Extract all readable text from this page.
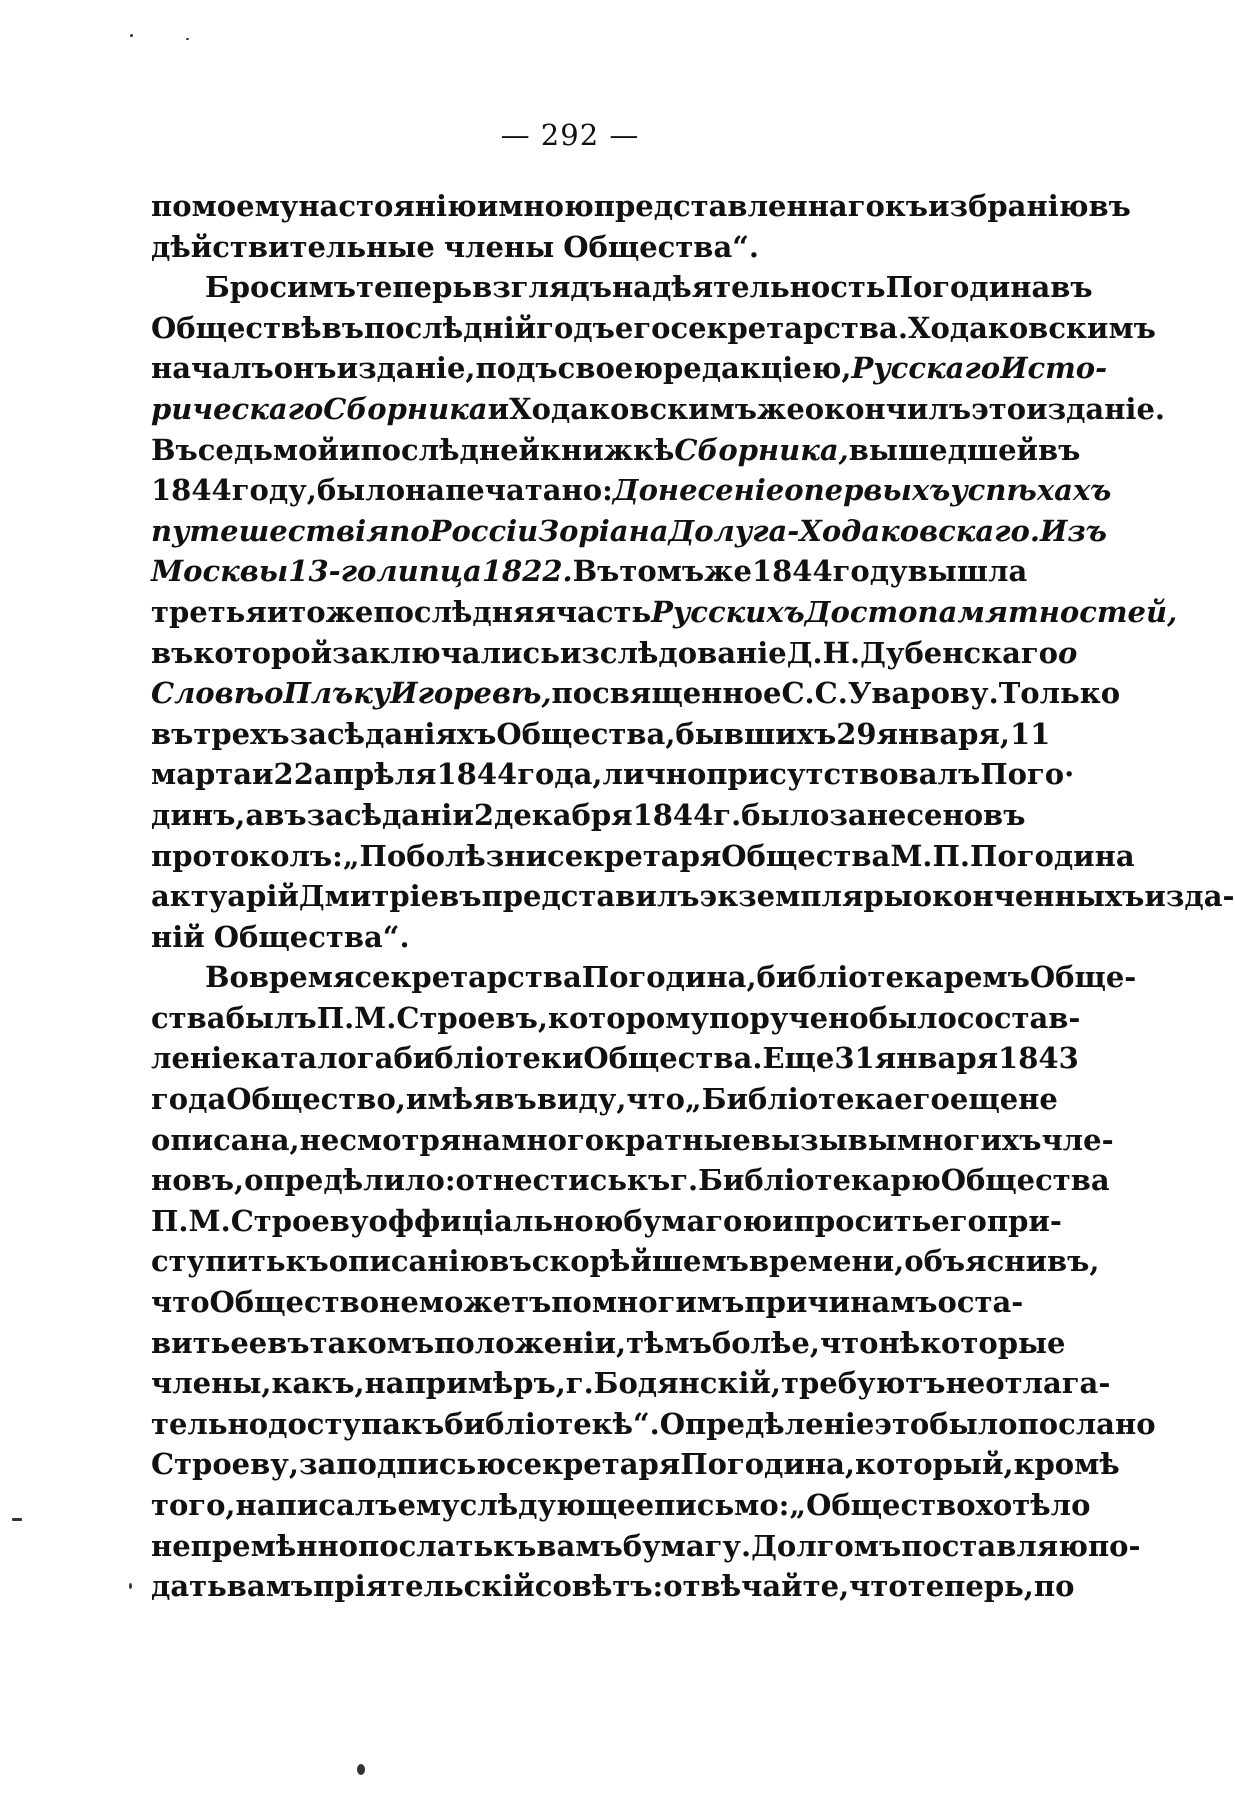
— 292 —
по моему настоянію и мною представленнаго къ избранію въ
дѣйствительные члены Общества“.
Бросимъ теперь взглядъ на дѣятельность Погодина въ
Обществѣ въ послѣдній годъ его секретарства. Ходаковскимъ
началъ онъ изданіе, подъ своею редакціею, Русскаго Исто-
рическаго Сборника и Ходаковскимъ же окончилъ это изданіе.
Въ седьмой и послѣдней книжкѣ Сборника, вышедшей въ
1844 году, было напечатано: Донесеніе о первыхъ успѣхахъ
путешествія по Россіи Зоріана Долуга-Ходаковскаго. Изъ
Москвы 13-го липца 1822. Въ томъ же 1844 году вышла
третья и тоже послѣдняя часть Русскихъ Достопамятностей,
въ которой заключались изслѣдованіе Д. Н. Дубенскаго о
Словѣ о Плъку Игоревѣ, посвященное С. С. Уварову. Только
въ трехъ засѣданіяхъ Общества, бывшихъ 29 января, 11
марта и 22 апрѣля 1844 года, лично присутствовалъ Пого·
динъ, а въ засѣданіи 2 декабря 1844 г. было занесено въ
протоколъ: „По болѣзни секретаря Общества М. П. Погодина
актуарій Дмитріевъ представилъ экземпляры оконченныхъ изда-
ній Общества“.
Во время секретарства Погодина, библіотекаремъ Обще-
ства былъ П. М. Строевъ, которому поручено было состав-
леніе каталога библіотеки Общества. Еще 31 января 1843
года Общество, имѣя въ виду, что „Библіотека его еще не
описана, не смотря на многократные вызывы многихъ чле-
новъ, опредѣлило: отнестись къ г. Библіотекарю Общества
П. М. Строеву оффиціальною бумагою и просить его при-
ступить къ описанію въ скорѣйшемъ времени, объяснивъ,
что Общество не можетъ по многимъ причинамъ оста-
вить ее въ такомъ положеніи, тѣмъ болѣе, что нѣкоторые
члены, какъ, напримѣръ, г. Бодянскій, требуютъ неотлага-
тельно доступа къ библіотекѣ“. Опредѣленіе это было послано
Строеву, за подписью секретаря Погодина, который, кромѣ
того, написалъ ему слѣдующее письмо: „Общество хотѣло
непремѣнно послать къ вамъ бумагу. Долгомъ поставляю по-
дать вамъ пріятельскій совѣтъ: отвѣчайте, что теперь, по
